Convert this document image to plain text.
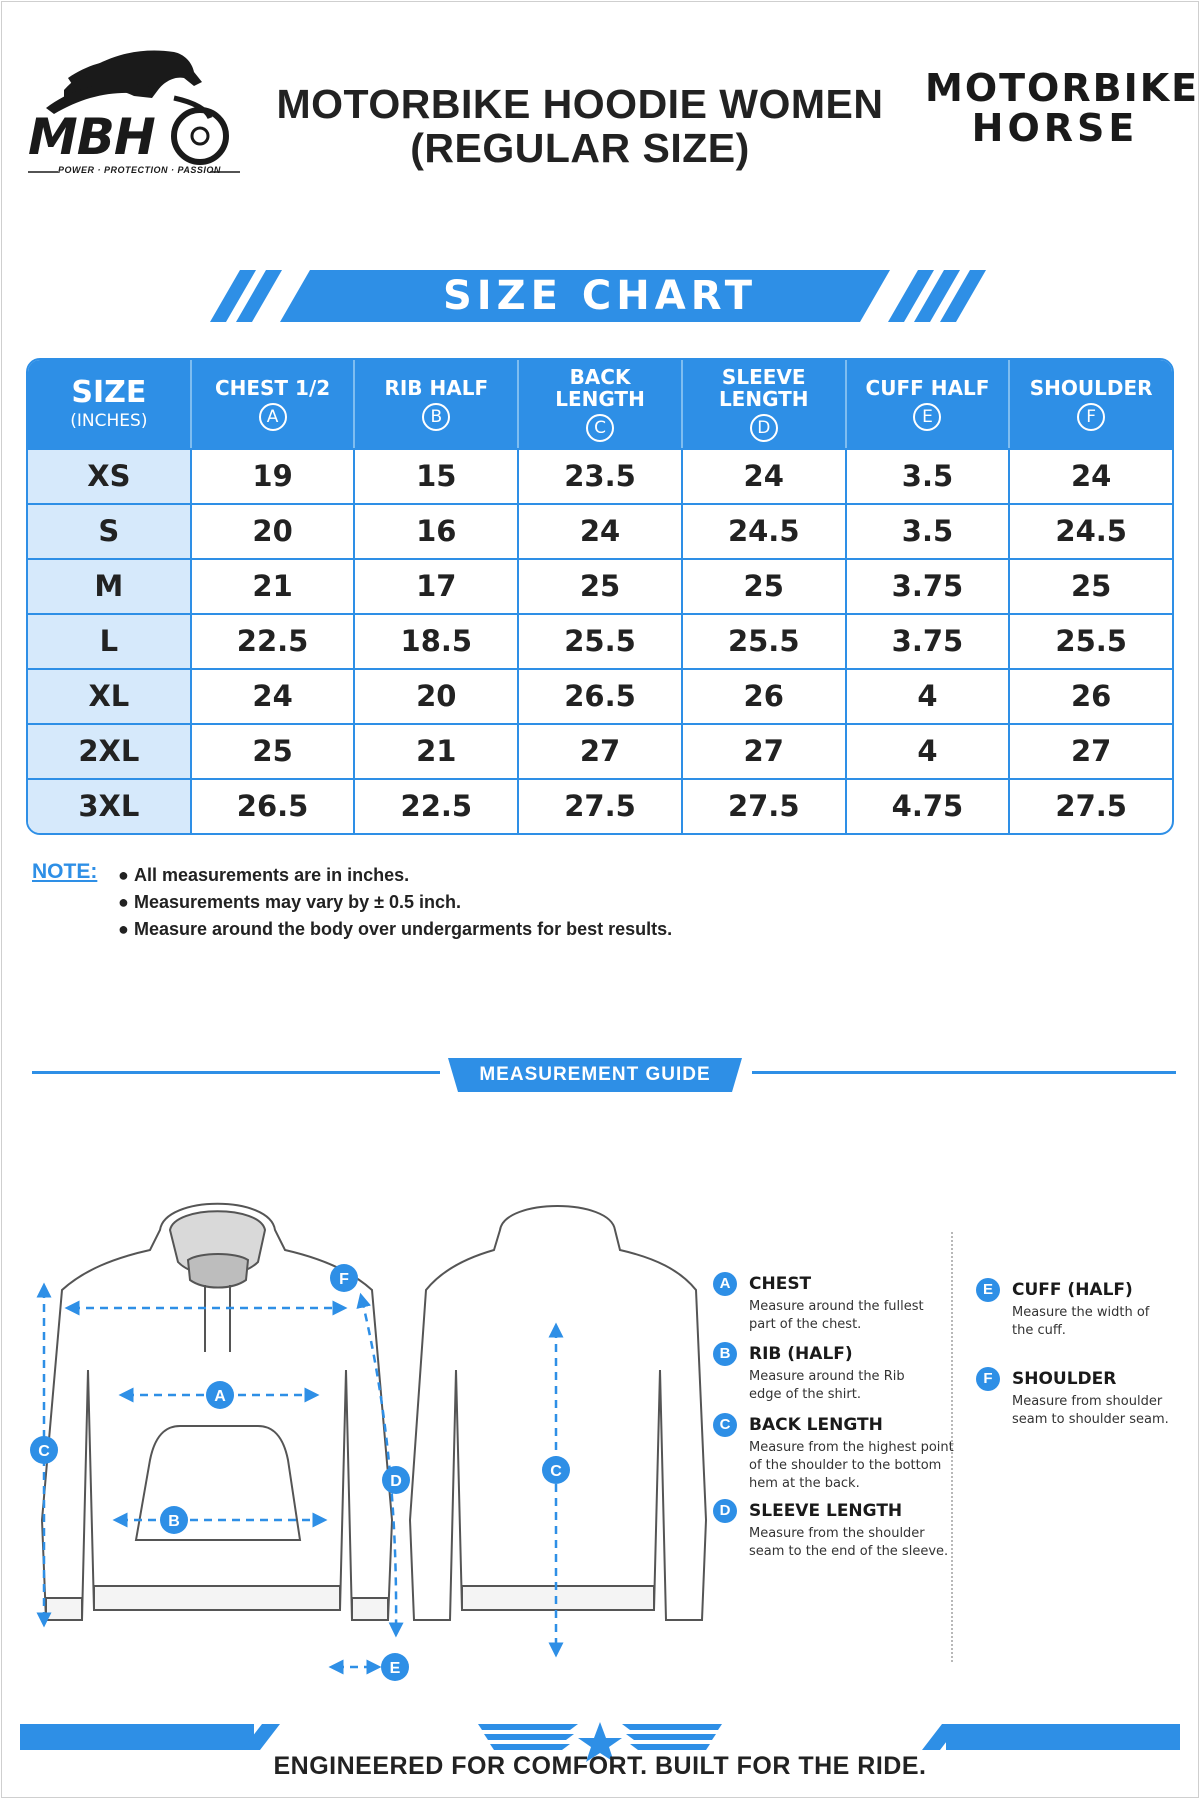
MBH
POWER · PROTECTION · PASSION
MOTORBIKE HOODIE WOMEN
(REGULAR SIZE)
MOTORBIKE
HORSE
SIZE CHART
SIZE
(INCHES)
CHEST 1/2
A
RIB HALF
B
BACK LENGTH
C
SLEEVE LENGTH
D
CUFF HALF
E
SHOULDER
F
XS	19	15	23.5	24	3.5	24
S	20	16	24	24.5	3.5	24.5
M	21	17	25	25	3.75	25
L	22.5	18.5	25.5	25.5	3.75	25.5
XL	24	20	26.5	26	4	26
2XL	25	21	27	27	4	27
3XL	26.5	22.5	27.5	27.5	4.75	27.5
NOTE: ● All measurements are in inches.
● Measurements may vary by ± 0.5 inch.
● Measure around the body over undergarments for best results.
MEASUREMENT GUIDE
A
B
C
D
E
F
C
A	CHEST
Measure around the fullest
part of the chest.
B	RIB (HALF)
Measure around the Rib
edge of the shirt.
C	BACK LENGTH
Measure from the highest point
of the shoulder to the bottom
hem at the back.
D	SLEEVE LENGTH
Measure from the shoulder
seam to the end of the sleeve.
E	CUFF (HALF)
Measure the width of
the cuff.
F	SHOULDER
Measure from shoulder
seam to shoulder seam.
ENGINEERED FOR COMFORT. BUILT FOR THE RIDE.
